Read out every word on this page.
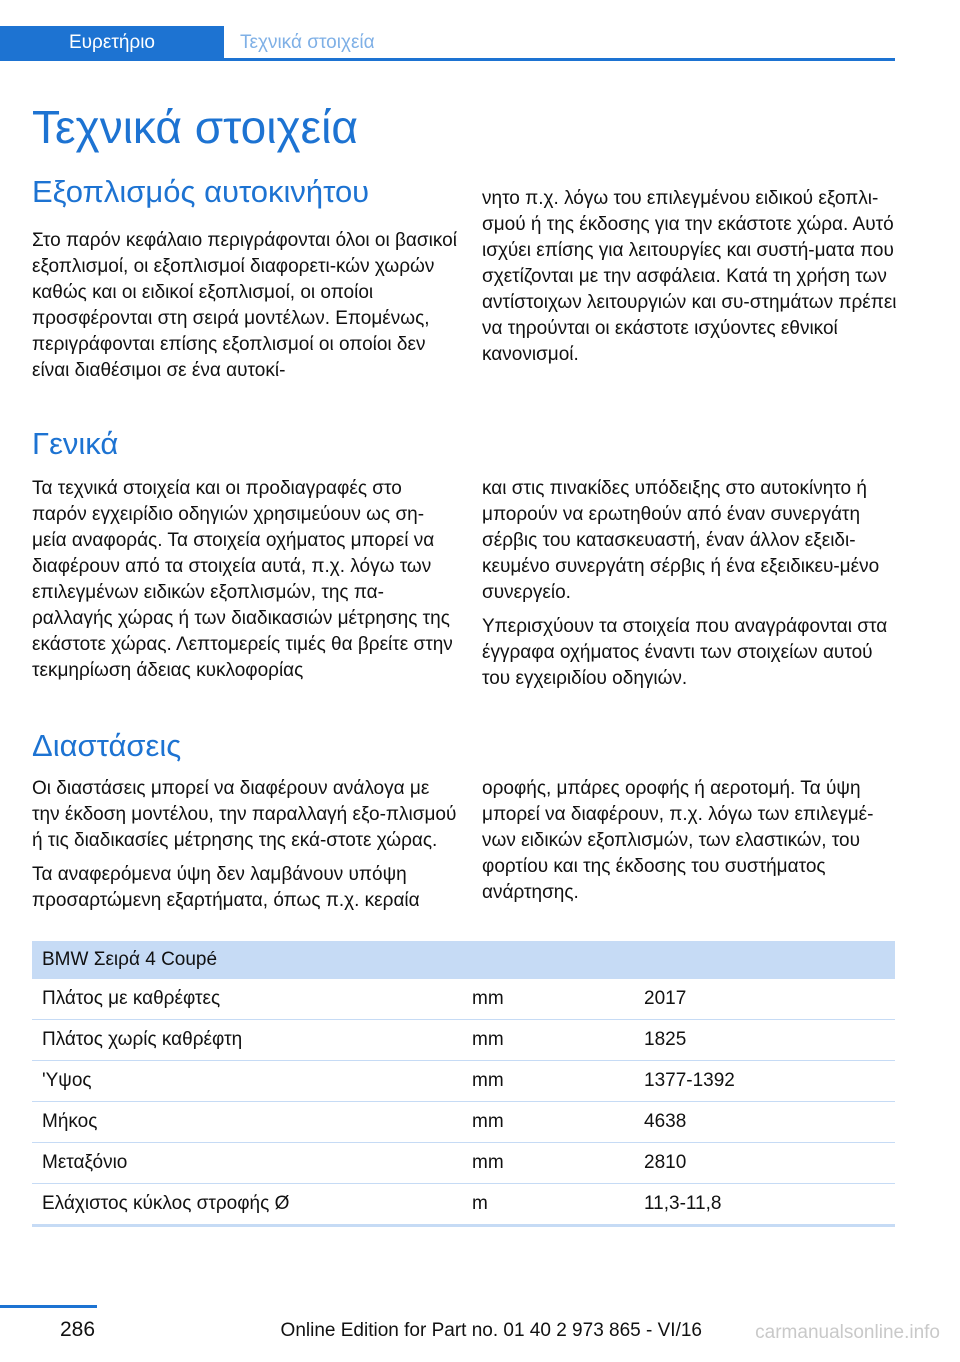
Ευρετήριο	Τεχνικά στοιχεία
Τεχνικά στοιχεία
Εξοπλισμός αυτοκινήτου

Στο παρόν κεφάλαιο περιγράφονται όλοι οι βασικοί εξοπλισμοί, οι εξοπλισμοί διαφορετι‐κών χωρών καθώς και οι ειδικοί εξοπλισμοί, οι οποίοι προσφέρονται στη σειρά μοντέλων. Επομένως, περιγράφονται επίσης εξοπλισμοί οι οποίοι δεν είναι διαθέσιμοι σε ένα αυτοκί‐

νητο π.χ. λόγω του επιλεγμένου ειδικού εξοπλι‐σμού ή της έκδοσης για την εκάστοτε χώρα. Αυτό ισχύει επίσης για λειτουργίες και συστή‐ματα που σχετίζονται με την ασφάλεια. Κατά τη χρήση των αντίστοιχων λειτουργιών και συ‐στημάτων πρέπει να τηρούνται οι εκάστοτε ισχύοντες εθνικοί κανονισμοί.

Γενικά

Τα τεχνικά στοιχεία και οι προδιαγραφές στο παρόν εγχειρίδιο οδηγιών χρησιμεύουν ως ση‐μεία αναφοράς. Τα στοιχεία οχήματος μπορεί να διαφέρουν από τα στοιχεία αυτά, π.χ. λόγω των επιλεγμένων ειδικών εξοπλισμών, της πα‐ραλλαγής χώρας ή των διαδικασιών μέτρησης της εκάστοτε χώρας. Λεπτομερείς τιμές θα βρείτε στην τεκμηρίωση άδειας κυκλοφορίας

και στις πινακίδες υπόδειξης στο αυτοκίνητο ή μπορούν να ερωτηθούν από έναν συνεργάτη σέρβις του κατασκευαστή, έναν άλλον εξειδι‐κευμένο συνεργάτη σέρβις ή ένα εξειδικευ‐μένο συνεργείο.

Υπερισχύουν τα στοιχεία που αναγράφονται στα έγγραφα οχήματος έναντι των στοιχείων αυτού του εγχειριδίου οδηγιών.

Διαστάσεις

Οι διαστάσεις μπορεί να διαφέρουν ανάλογα με την έκδοση μοντέλου, την παραλλαγή εξο‐πλισμού ή τις διαδικασίες μέτρησης της εκά‐στοτε χώρας.

Τα αναφερόμενα ύψη δεν λαμβάνουν υπόψη προσαρτώμενη εξαρτήματα, όπως π.χ. κεραία

οροφής, μπάρες οροφής ή αεροτομή. Τα ύψη μπορεί να διαφέρουν, π.χ. λόγω των επιλεγμέ‐νων ειδικών εξοπλισμών, των ελαστικών, του φορτίου και της έκδοσης του συστήματος ανάρτησης.

BMW Σειρά 4 Coupé		
Πλάτος με καθρέφτες	mm	2017
Πλάτος χωρίς καθρέφτη	mm	1825
'Υψος	mm	1377-1392
Μήκος	mm	4638
Μεταξόνιο	mm	2810
Ελάχιστος κύκλος στροφής Ø	m	11,3-11,8
286	Online Edition for Part no. 01 40 2 973 865 - VI/16	carmanualsonline.info
